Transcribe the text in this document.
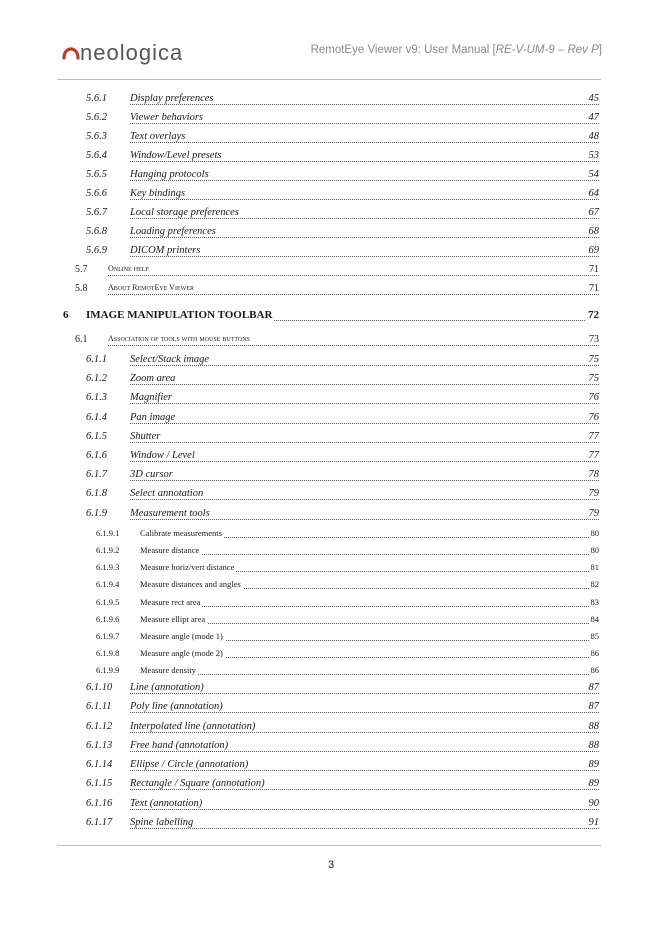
neologica	RemotEye Viewer v9: User Manual [RE-V-UM-9 – Rev P]
5.6.1 Display preferences	45
5.6.2 Viewer behaviors	47
5.6.3 Text overlays	48
5.6.4 Window/Level presets	53
5.6.5 Hanging protocols	54
5.6.6 Key bindings	64
5.6.7 Local storage preferences	67
5.6.8 Loading preferences	68
5.6.9 DICOM printers	69
5.7	Online help	71
5.8	About RemotEye Viewer	71
6 IMAGE MANIPULATION TOOLBAR	72
6.1	Association of tools with mouse buttons	73
6.1.1 Select/Stack image	75
6.1.2 Zoom area	75
6.1.3 Magnifier	76
6.1.4 Pan image	76
6.1.5 Shutter	77
6.1.6 Window / Level	77
6.1.7 3D cursor	78
6.1.8 Select annotation	79
6.1.9 Measurement tools	79
6.1.9.1 Calibrate measurements	80
6.1.9.2 Measure distance	80
6.1.9.3 Measure horiz/vert distance	81
6.1.9.4 Measure distances and angles	82
6.1.9.5 Measure rect area	83
6.1.9.6 Measure ellipt area	84
6.1.9.7 Measure angle (mode 1)	85
6.1.9.8 Measure angle (mode 2)	86
6.1.9.9 Measure density	86
6.1.10 Line (annotation)	87
6.1.11 Poly line (annotation)	87
6.1.12 Interpolated line (annotation)	88
6.1.13 Free hand (annotation)	88
6.1.14 Ellipse / Circle (annotation)	89
6.1.15 Rectangle / Square (annotation)	89
6.1.16 Text (annotation)	90
6.1.17 Spine labelling	91
3
